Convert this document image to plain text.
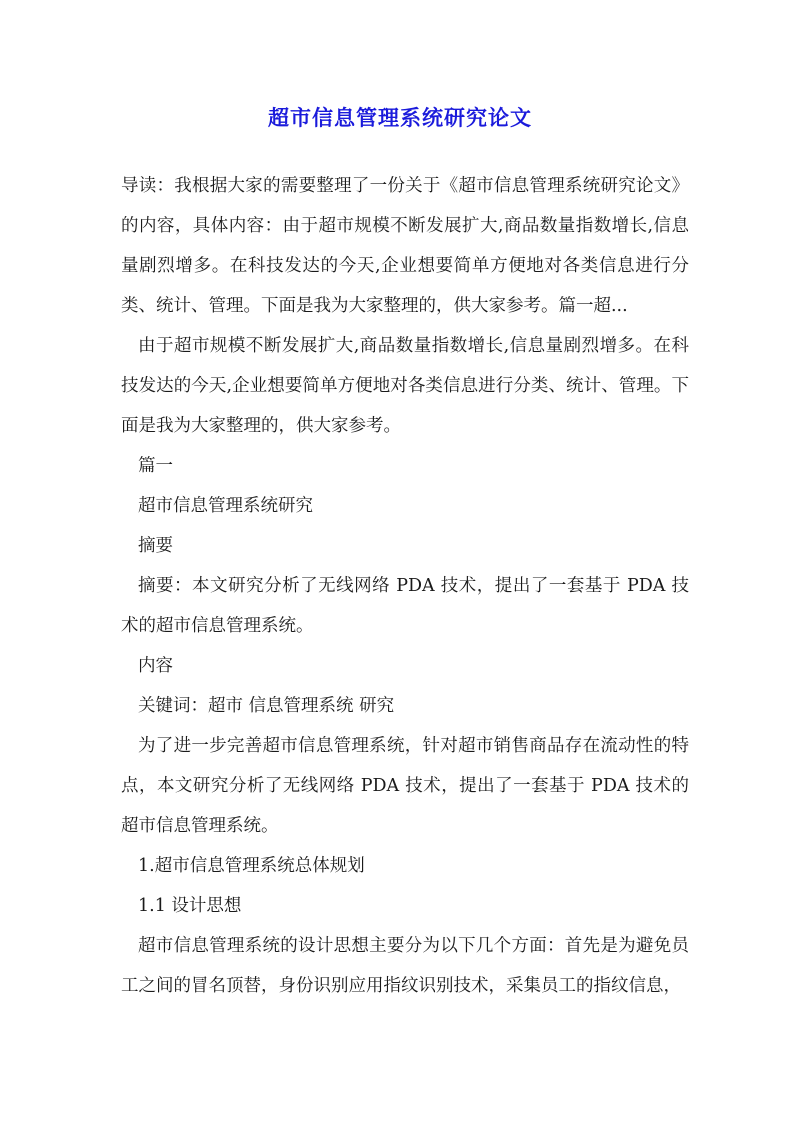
超市信息管理系统研究论文

导读：我根据大家的需要整理了一份关于《超市信息管理系统研究论文》的内容，具体内容：由于超市规模不断发展扩大,商品数量指数增长,信息量剧烈增多。在科技发达的今天,企业想要简单方便地对各类信息进行分类、统计、管理。下面是我为大家整理的，供大家参考。篇一超...

由于超市规模不断发展扩大,商品数量指数增长,信息量剧烈增多。在科技发达的今天,企业想要简单方便地对各类信息进行分类、统计、管理。下面是我为大家整理的，供大家参考。

篇一

超市信息管理系统研究

摘要

摘要：本文研究分析了无线网络 PDA 技术，提出了一套基于 PDA 技术的超市信息管理系统。

内容

关键词：超市 信息管理系统 研究

为了进一步完善超市信息管理系统，针对超市销售商品存在流动性的特点，本文研究分析了无线网络 PDA 技术，提出了一套基于 PDA 技术的超市信息管理系统。

1.超市信息管理系统总体规划

1.1 设计思想

超市信息管理系统的设计思想主要分为以下几个方面：首先是为避免员工之间的冒名顶替，身份识别应用指纹识别技术，采集员工的指纹信息，
